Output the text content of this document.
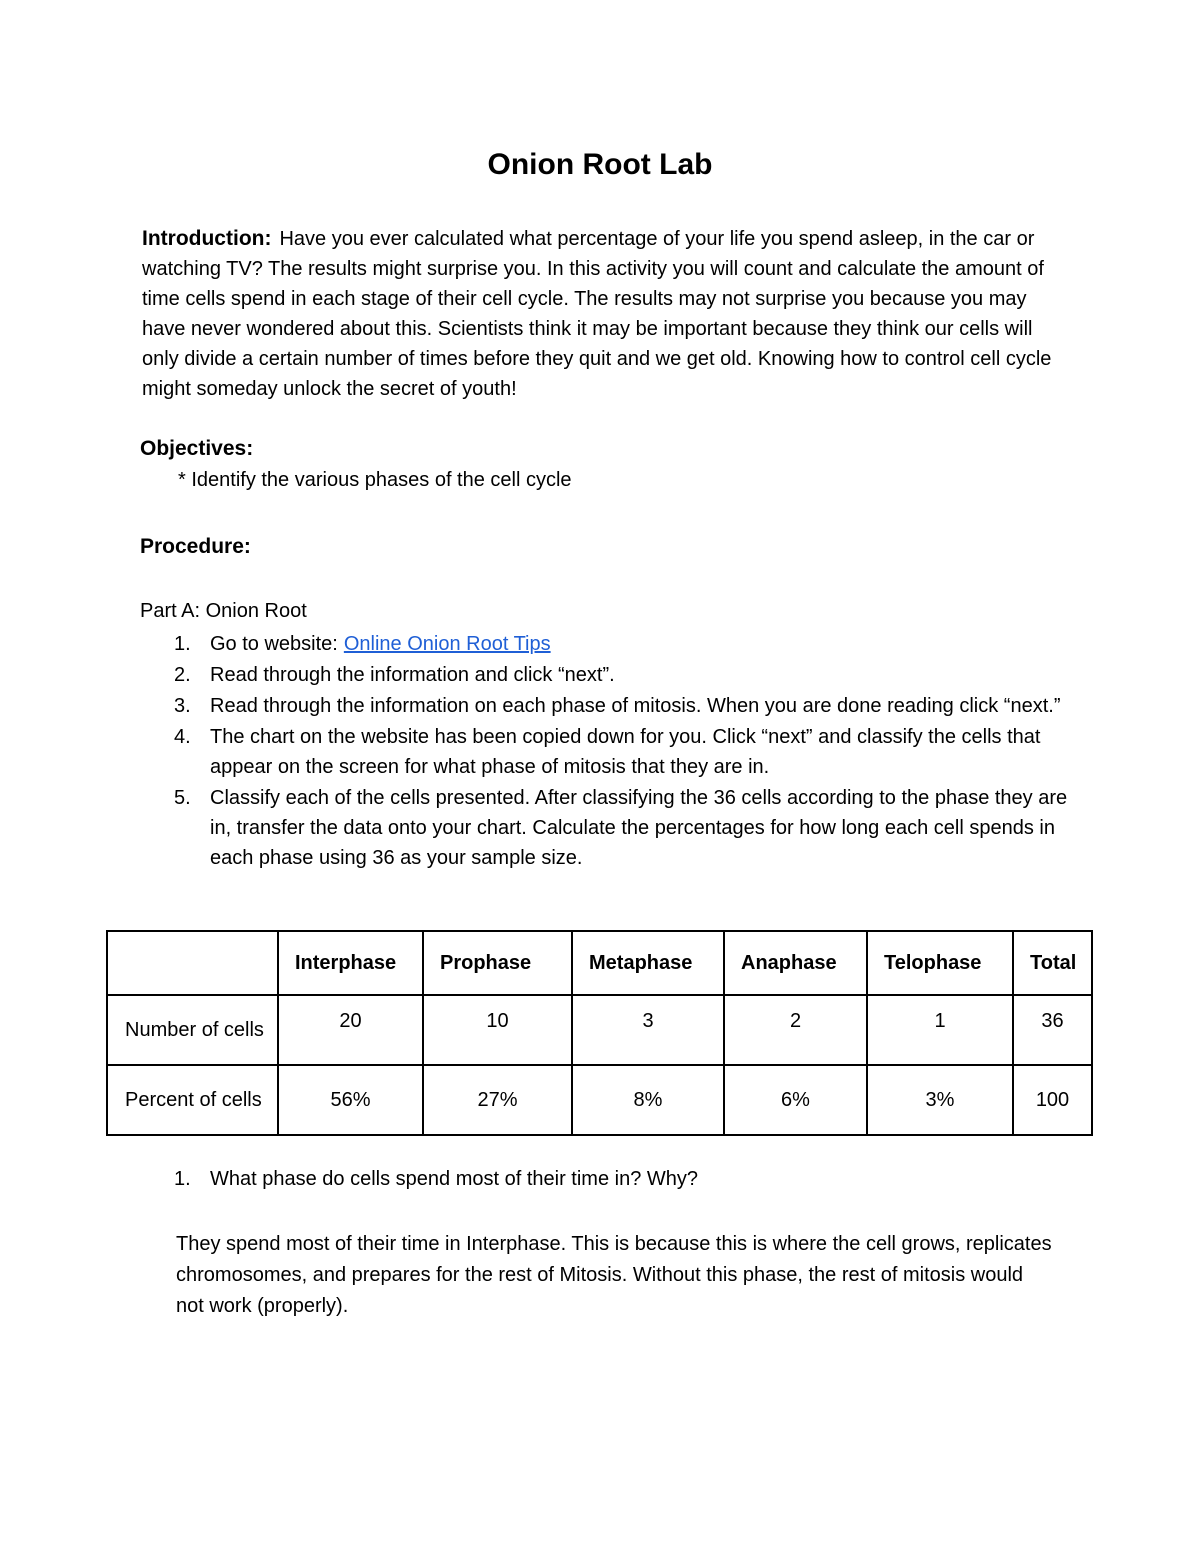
Onion Root Lab
Introduction: Have you ever calculated what percentage of your life you spend asleep, in the car or watching TV? The results might surprise you. In this activity you will count and calculate the amount of time cells spend in each stage of their cell cycle. The results may not surprise you because you may have never wondered about this. Scientists think it may be important because they think our cells will only divide a certain number of times before they quit and we get old. Knowing how to control cell cycle might someday unlock the secret of youth!
Objectives:
* Identify the various phases of the cell cycle
Procedure:
Part A: Onion Root
1. Go to website: Online Onion Root Tips
2. Read through the information and click “next”.
3. Read through the information on each phase of mitosis. When you are done reading click “next.”
4. The chart on the website has been copied down for you. Click “next” and classify the cells that appear on the screen for what phase of mitosis that they are in.
5. Classify each of the cells presented. After classifying the 36 cells according to the phase they are in, transfer the data onto your chart. Calculate the percentages for how long each cell spends in each phase using 36 as your sample size.
	Interphase	Prophase	Metaphase	Anaphase	Telophase	Total
Number of cells	20	10	3	2	1	36
Percent of cells	56%	27%	8%	6%	3%	100
1. What phase do cells spend most of their time in? Why?
They spend most of their time in Interphase. This is because this is where the cell grows, replicates chromosomes, and prepares for the rest of Mitosis. Without this phase, the rest of mitosis would not work (properly).
